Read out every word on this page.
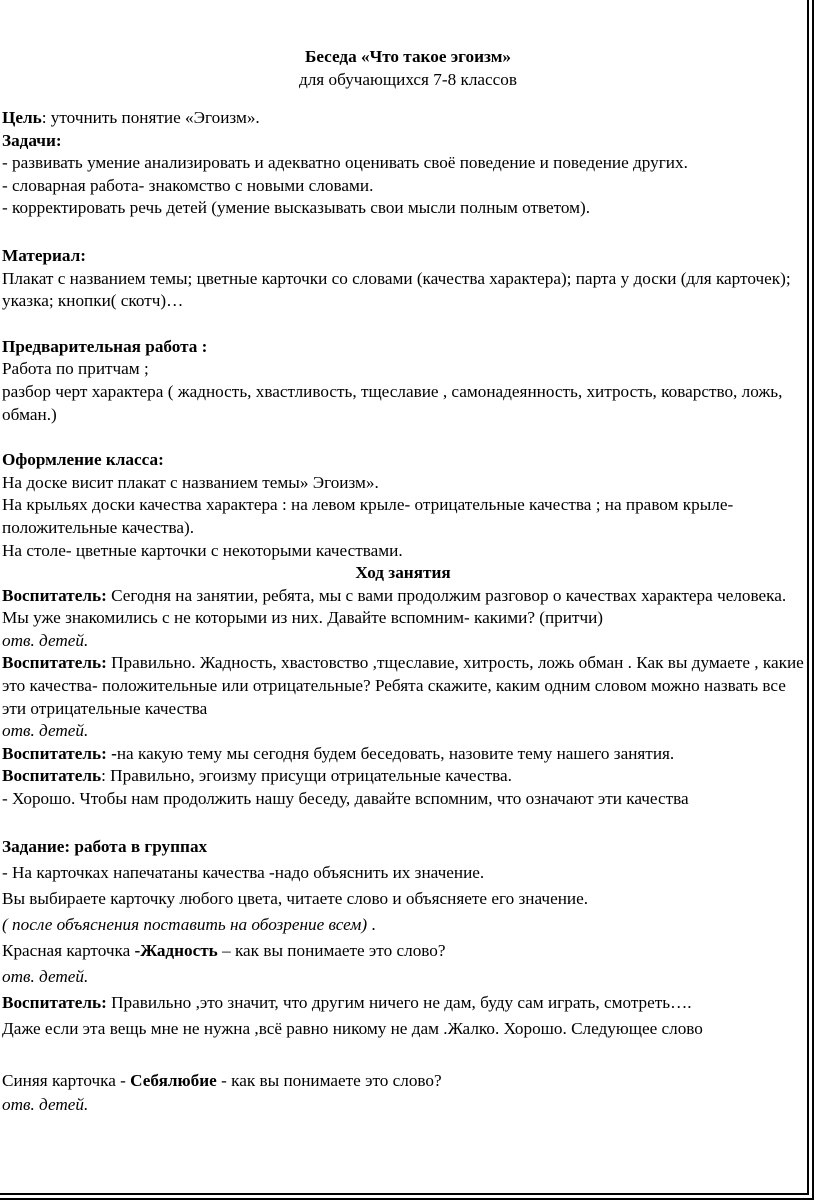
Беседа «Что такое эгоизм»

для обучающихся 7-8 классов

Цель: уточнить понятие «Эгоизм».

Задачи:

- развивать умение анализировать и адекватно оценивать своё поведение и поведение других.

- словарная работа- знакомство с новыми словами.

- корректировать речь детей (умение высказывать свои мысли полным ответом).

Материал:

Плакат с названием темы; цветные карточки со словами (качества характера); парта у доски (для карточек); указка; кнопки( скотч)…

Предварительная работа :

Работа по притчам ;

разбор черт характера ( жадность, хвастливость, тщеславие , самонадеянность, хитрость, коварство, ложь, обман.)

Оформление класса:

На доске висит плакат с названием темы» Эгоизм».

На крыльях доски качества характера : на левом крыле- отрицательные качества ; на правом крыле- положительные качества).

На столе- цветные карточки с некоторыми качествами.

Ход занятия

Воспитатель: Сегодня на занятии, ребята, мы с вами продолжим разговор о качествах характера человека. Мы уже знакомились с не которыми из них. Давайте вспомним- какими? (притчи)

отв. детей.

Воспитатель: Правильно. Жадность, хвастовство ,тщеславие, хитрость, ложь обман . Как вы думаете , какие это качества- положительные или отрицательные? Ребята скажите, каким одним словом можно назвать все эти отрицательные качества

отв. детей.

Воспитатель: -на какую тему мы сегодня будем беседовать, назовите тему нашего занятия.

Воспитатель: Правильно, эгоизму присущи отрицательные качества.

- Хорошо. Чтобы нам продолжить нашу беседу, давайте вспомним, что означают эти качества

Задание: работа в группах

- На карточках напечатаны качества -надо объяснить их значение.

Вы выбираете карточку любого цвета, читаете слово и объясняете его значение.

( после объяснения поставить на обозрение всем) .

Красная карточка -Жадность – как вы понимаете это слово?

отв. детей.

Воспитатель: Правильно ,это значит, что другим ничего не дам, буду сам играть, смотреть….

Даже если эта вещь мне не нужна ,всё равно никому не дам .Жалко. Хорошо. Следующее слово

Синяя карточка - Себялюбие - как вы понимаете это слово?

отв. детей.
